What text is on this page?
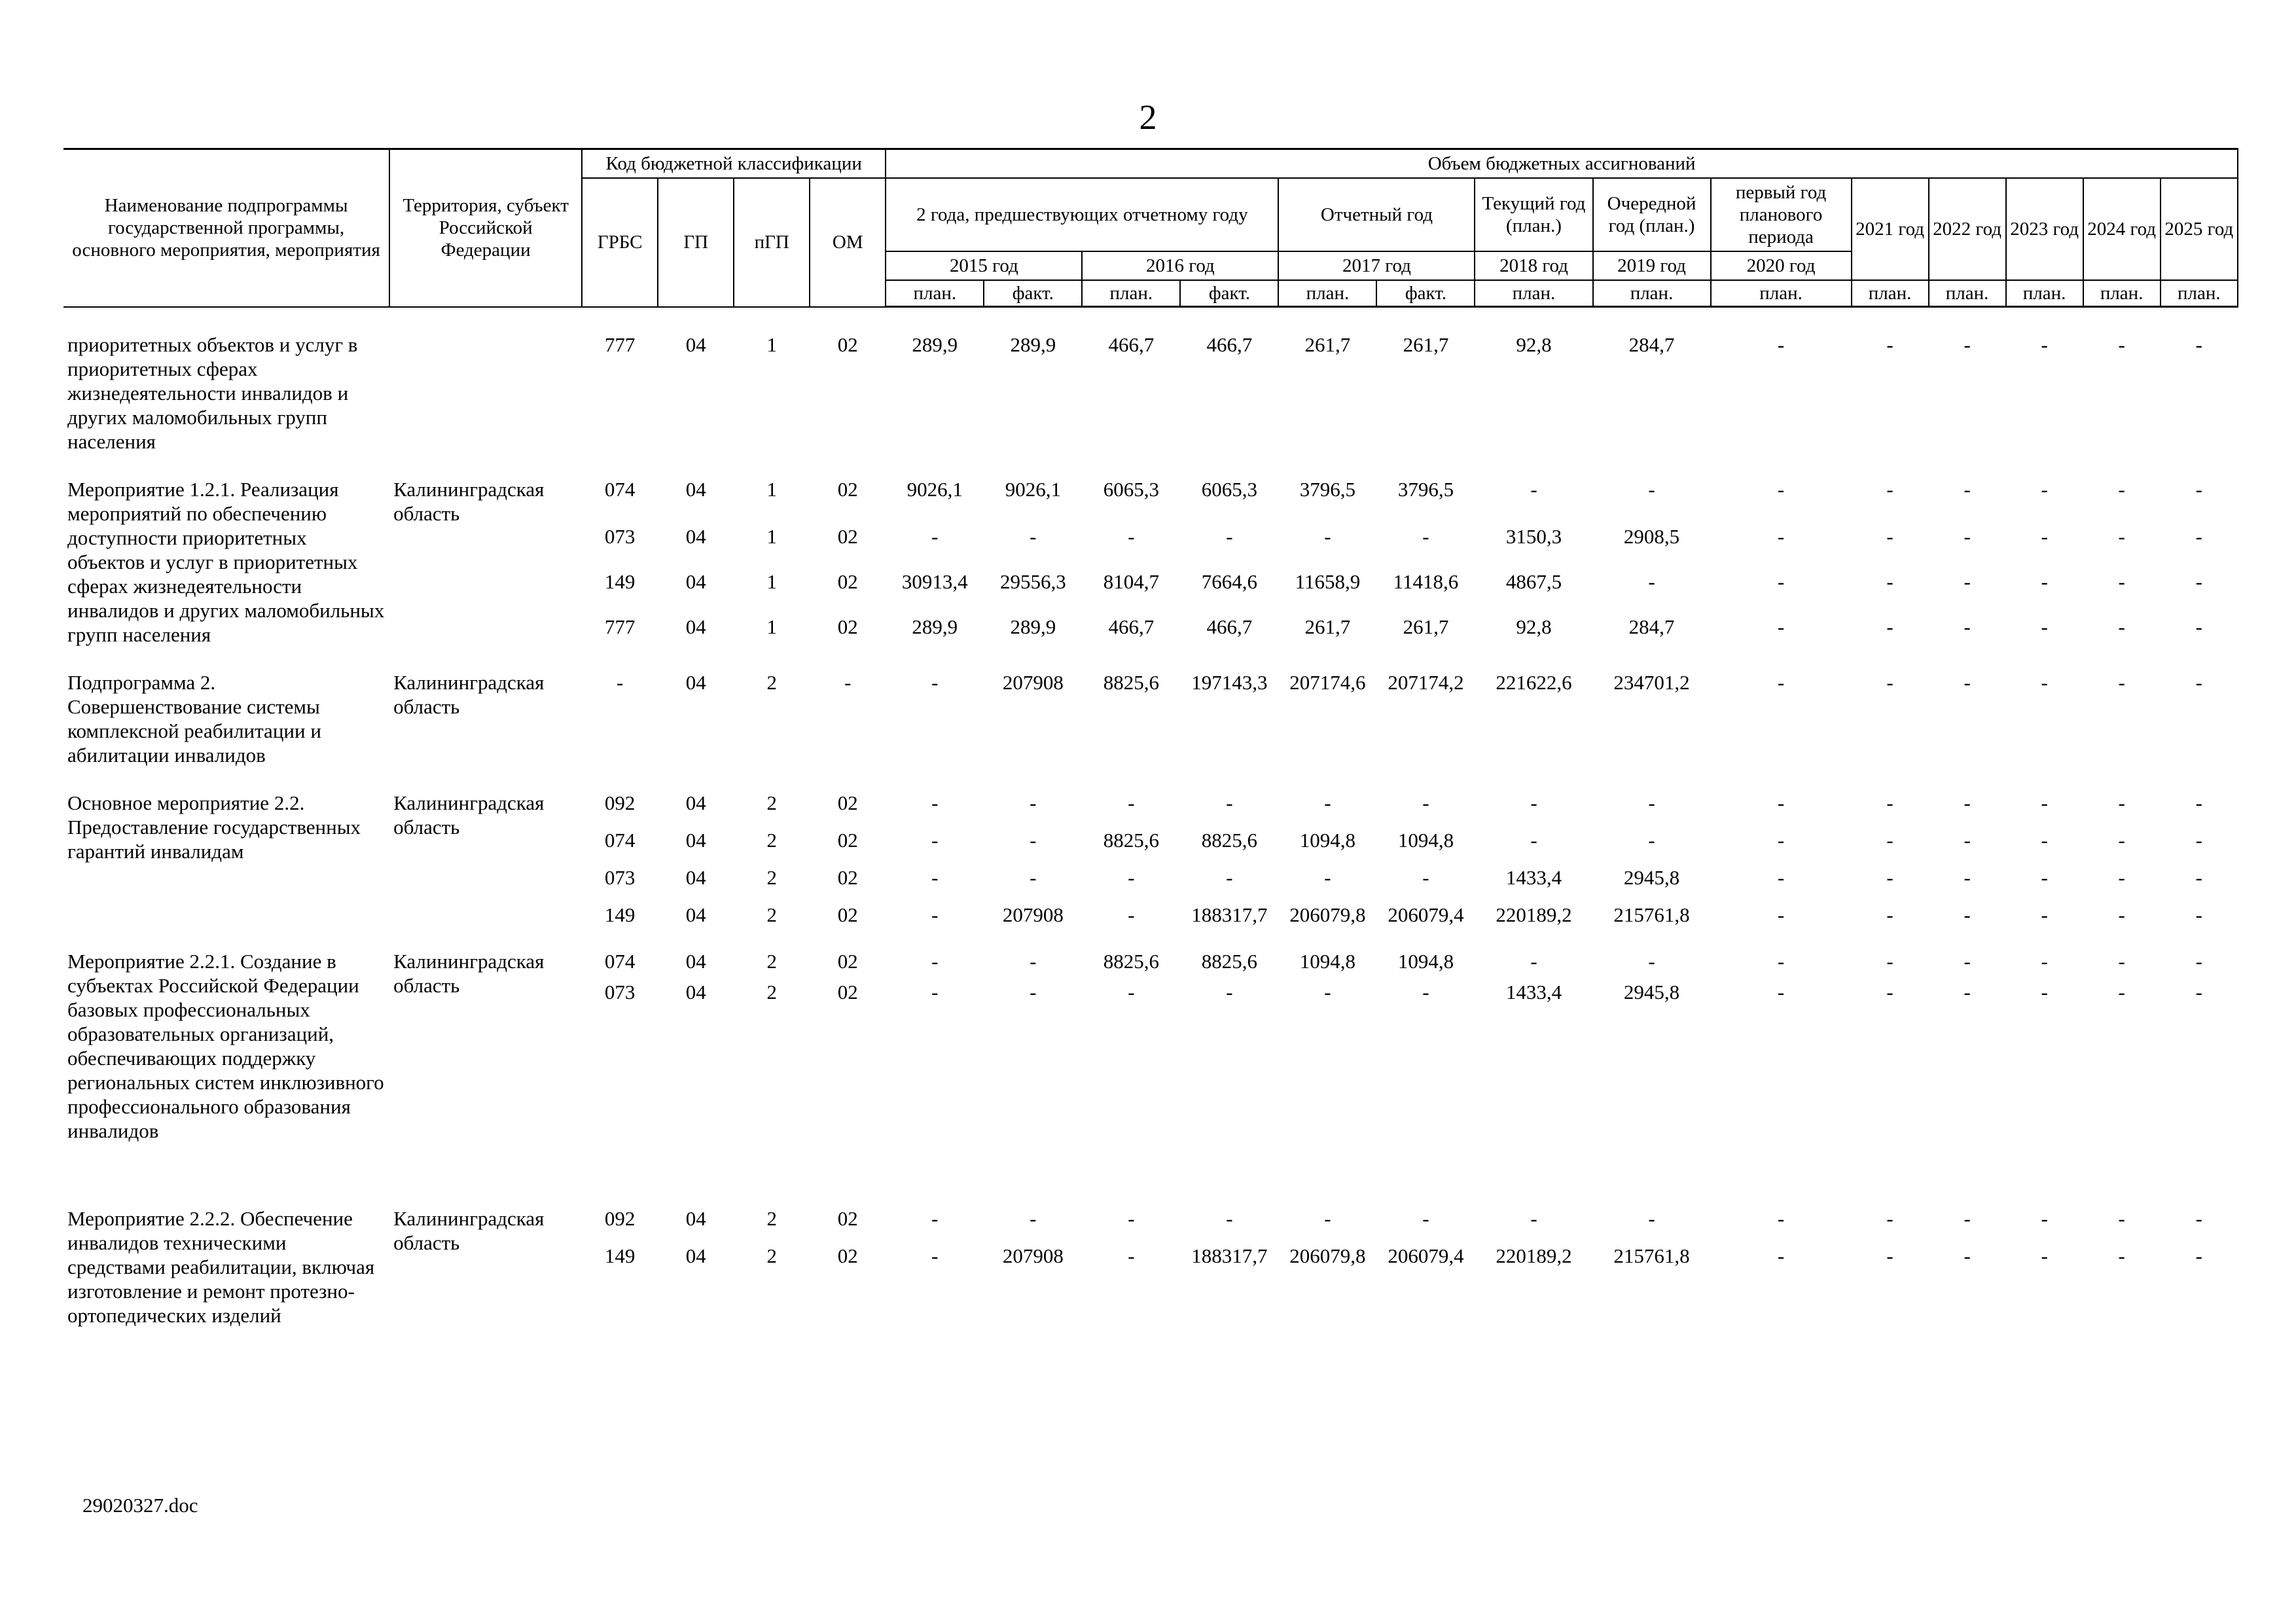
2
Наименование подпрограммы государственной программы, основного мероприятия, мероприятия	Территория, субъект Российской Федерации	Код бюджетной классификации				Объем бюджетных ассигнований													
		ГРБС	ГП	пГП	ОМ	2 года, предшествующих отчетному году				Отчетный год		Текущий год (план.)	Очередной год (план.)	первый год планового периода	2021 год	2022 год	2023 год	2024 год	2025 год
						2015 год		2016 год		2017 год		2018 год	2019 год	2020 год					
						план.	факт.	план.	факт.	план.	факт.	план.	план.	план.	план.	план.	план.	план.	план.
приоритетных объектов и услуг в приоритетных сферах жизнедеятельности инвалидов и других маломобильных групп населения		777	04	1	02	289,9	289,9	466,7	466,7	261,7	261,7	92,8	284,7	-	-	-	-	-	-
Мероприятие 1.2.1. Реализация мероприятий по обеспечению доступности приоритетных объектов и услуг в приоритетных сферах жизнедеятельности инвалидов и других маломобильных групп населения	Калининградская область	074	04	1	02	9026,1	9026,1	6065,3	6065,3	3796,5	3796,5	-	-	-	-	-	-	-	-
		073	04	1	02	-	-	-	-	-	-	3150,3	2908,5	-	-	-	-	-	-
		149	04	1	02	30913,4	29556,3	8104,7	7664,6	11658,9	11418,6	4867,5	-	-	-	-	-	-	-
		777	04	1	02	289,9	289,9	466,7	466,7	261,7	261,7	92,8	284,7	-	-	-	-	-	-
Подпрограмма 2. Совершенствование системы комплексной реабилитации и абилитации инвалидов	Калининградская область	-	04	2	-	-	207908	8825,6	197143,3	207174,6	207174,2	221622,6	234701,2	-	-	-	-	-	-
Основное мероприятие 2.2. Предоставление государственных гарантий инвалидам	Калининградская область	092	04	2	02	-	-	-	-	-	-	-	-	-	-	-	-	-	-
		074	04	2	02	-	-	8825,6	8825,6	1094,8	1094,8	-	-	-	-	-	-	-	-
		073	04	2	02	-	-	-	-	-	-	1433,4	2945,8	-	-	-	-	-	-
		149	04	2	02	-	207908	-	188317,7	206079,8	206079,4	220189,2	215761,8	-	-	-	-	-	-
Мероприятие 2.2.1. Создание в субъектах Российской Федерации базовых профессиональных образовательных организаций, обеспечивающих поддержку региональных систем инклюзивного профессионального образования инвалидов	Калининградская область	074	04	2	02	-	-	8825,6	8825,6	1094,8	1094,8	-	-	-	-	-	-	-	-
		073	04	2	02	-	-	-	-	-	-	1433,4	2945,8	-	-	-	-	-	-
Мероприятие 2.2.2. Обеспечение инвалидов техническими средствами реабилитации, включая изготовление и ремонт протезно-ортопедических изделий	Калининградская область	092	04	2	02	-	-	-	-	-	-	-	-	-	-	-	-	-	-
		149	04	2	02	-	207908	-	188317,7	206079,8	206079,4	220189,2	215761,8	-	-	-	-	-	-
29020327.doc
